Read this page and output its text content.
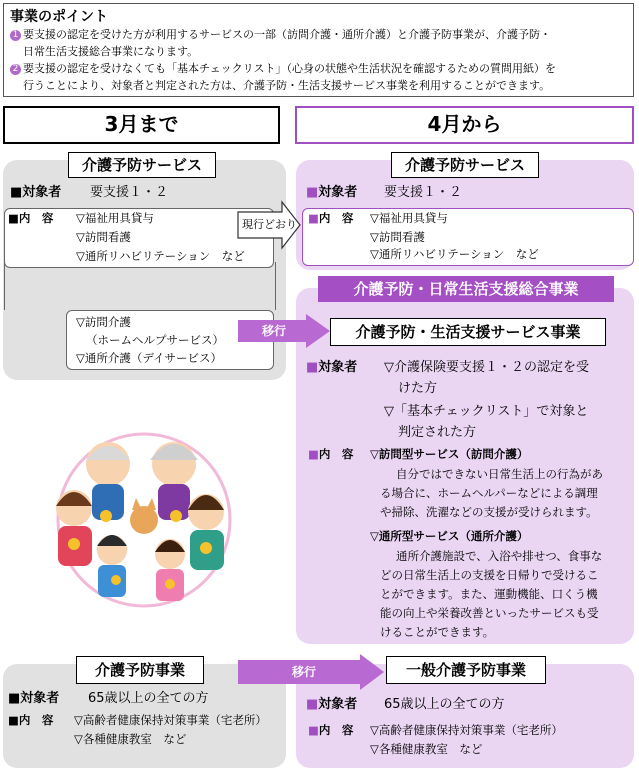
事業のポイント
1 要支援の認定を受けた方が利用するサービスの一部（訪問介護・通所介護）と介護予防事業が、介護予防・
日常生活支援総合事業になります。
2 要支援の認定を受けなくても「基本チェックリスト」（心身の状態や生活状況を確認するための質問用紙）を
行うことにより、対象者と判定された方は、介護予防・生活支援サービス事業を利用することができます。
3月まで	4月から
介護予防サービス
■対象者 要支援１・２
■内　容 ▽福祉用具貸与
▽訪問看護
▽通所リハビリテーション　など
▽訪問介護
（ホームヘルプサービス）
▽通所介護（デイサービス）
現行どおり
移行
介護予防事業
■対象者 65歳以上の全ての方
■内　容 ▽高齢者健康保持対策事業（宅老所）
▽各種健康教室　など
移行
介護予防サービス
■対象者 要支援１・２
■内　容 ▽福祉用具貸与
▽訪問看護
▽通所リハビリテーション　など
介護予防・日常生活支援総合事業
介護予防・生活支援サービス事業
■対象者 ▽介護保険要支援１・２の認定を受
けた方
▽「基本チェックリスト」で対象と
判定された方
■内　容 ▽訪問型サービス（訪問介護）
自分ではできない日常生活上の行為があ
る場合に、ホームヘルパーなどによる調理
や掃除、洗濯などの支援が受けられます。
▽通所型サービス（通所介護）
通所介護施設で、入浴や排せつ、食事な
どの日常生活上の支援を日帰りで受けるこ
とができます。また、運動機能、口くう機
能の向上や栄養改善といったサービスも受
けることができます。
一般介護予防事業
■対象者 65歳以上の全ての方
■内　容 ▽高齢者健康保持対策事業（宅老所）
▽各種健康教室　など
